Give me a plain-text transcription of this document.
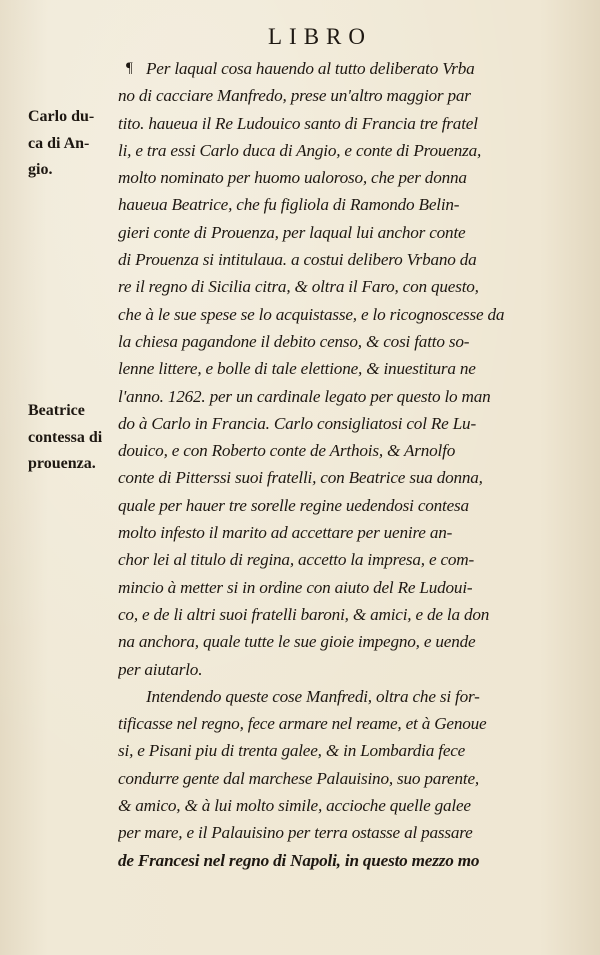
LIBRO
Carlo du-
ca di An-
gio.
Beatrice
contessa di
prouenza.
¶ Per laqual cosa hauendo al tutto deliberato Vrba
no di cacciare Manfredo, prese un'altro maggior par
tito. haueua il Re Ludouico santo di Francia tre fratel
li, e tra essi Carlo duca di Angio, e conte di Prouenza,
molto nominato per huomo ualoroso, che per donna
haueua Beatrice, che fu figliola di Ramondo Belin-
gieri conte di Prouenza, per laqual lui anchor conte
di Prouenza si intitulaua. a costui delibero Vrbano da
re il regno di Sicilia citra, & oltra il Faro, con questo,
che à le sue spese se lo acquistasse, e lo ricognoscesse da
la chiesa pagandone il debito censo, & cosi fatto so-
lenne littere, e bolle di tale elettione, & inuestitura ne
l'anno. 1262. per un cardinale legato per questo lo man
do à Carlo in Francia. Carlo consigliatosi col Re Lu-
douico, e con Roberto conte de Arthois, & Arnolfo
conte di Pitterssi suoi fratelli, con Beatrice sua donna,
quale per hauer tre sorelle regine uedendosi contesa
molto infesto il marito ad accettare per uenire an-
chor lei al titulo di regina, accetto la impresa, e com-
mincio à metter si in ordine con aiuto del Re Ludoui-
co, e de li altri suoi fratelli baroni, & amici, e de la don
na anchora, quale tutte le sue gioie impegno, e uende
per aiutarlo.
Intendendo queste cose Manfredi, oltra che si for-
tificasse nel regno, fece armare nel reame, et à Genoue
si, e Pisani piu di trenta galee, & in Lombardia fece
condurre gente dal marchese Palauisino, suo parente,
& amico, & à lui molto simile, accioche quelle galee
per mare, e il Palauisino per terra ostasse al passare
de Francesi nel regno di Napoli, in questo mezzo mo
